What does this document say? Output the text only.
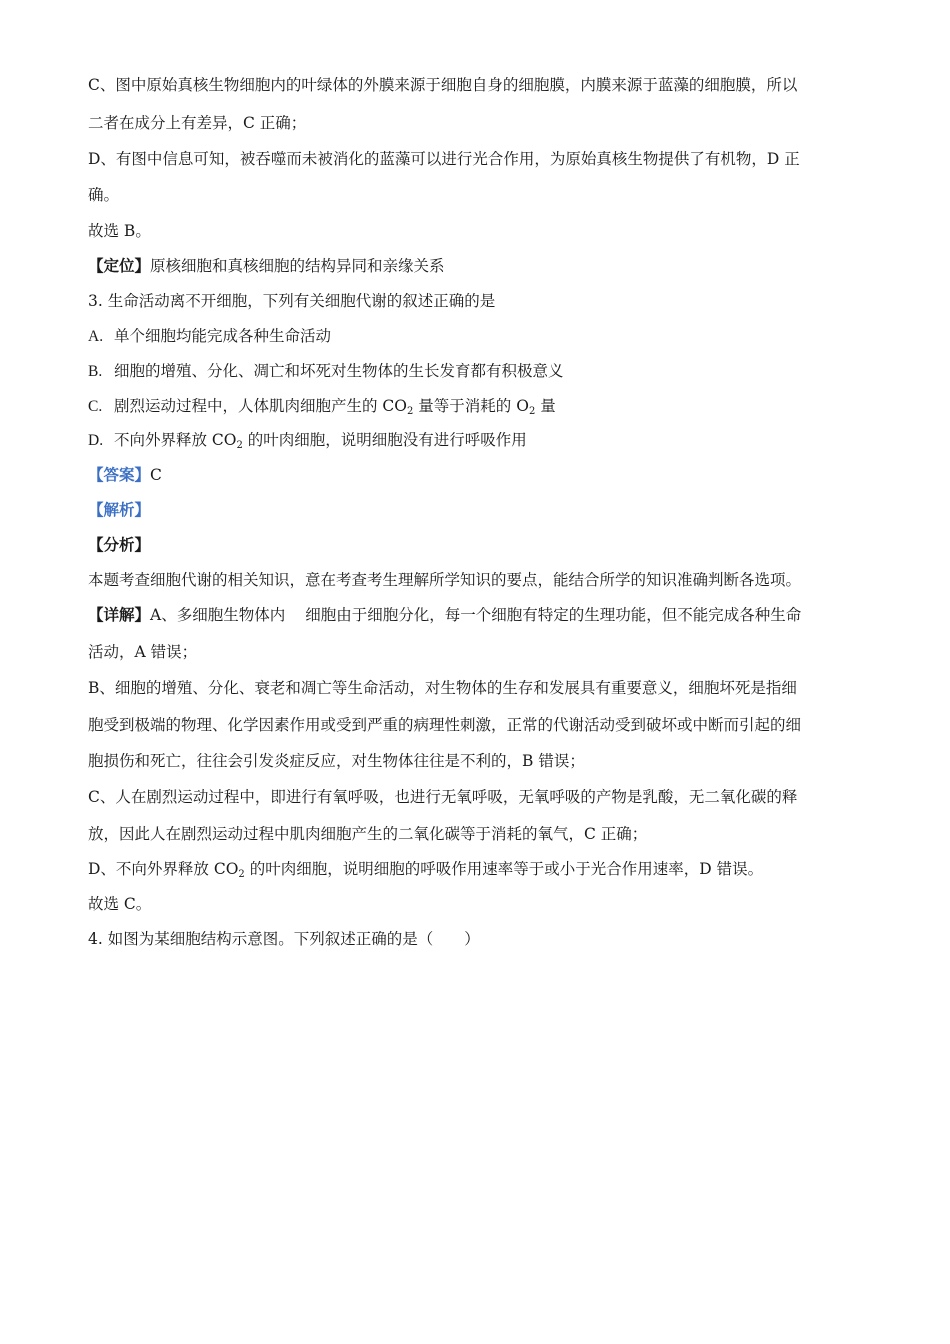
C、图中原始真核生物细胞内的叶绿体的外膜来源于细胞自身的细胞膜，内膜来源于蓝藻的细胞膜，所以
二者在成分上有差异，C 正确；
D、有图中信息可知，被吞噬而未被消化的蓝藻可以进行光合作用，为原始真核生物提供了有机物，D 正
确。
故选 B。
【定位】原核细胞和真核细胞的结构异同和亲缘关系
3. 生命活动离不开细胞，下列有关细胞代谢的叙述正确的是
A. 单个细胞均能完成各种生命活动
B. 细胞的增殖、分化、凋亡和坏死对生物体的生长发育都有积极意义
C. 剧烈运动过程中，人体肌肉细胞产生的 $CO_2$ 量等于消耗的 $O_2$ 量
D. 不向外界释放 $CO_2$ 的叶肉细胞，说明细胞没有进行呼吸作用
【答案】C
【解析】
【分析】
本题考查细胞代谢的相关知识，意在考查考生理解所学知识的要点，能结合所学的知识准确判断各选项。
【详解】A、多细胞生物体内 细胞由于细胞分化，每一个细胞有特定的生理功能，但不能完成各种生命
活动，A 错误；
B、细胞的增殖、分化、衰老和凋亡等生命活动，对生物体的生存和发展具有重要意义，细胞坏死是指细
胞受到极端的物理、化学因素作用或受到严重的病理性刺激，正常的代谢活动受到破坏或中断而引起的细
胞损伤和死亡，往往会引发炎症反应，对生物体往往是不利的，B 错误；
C、人在剧烈运动过程中，即进行有氧呼吸，也进行无氧呼吸，无氧呼吸的产物是乳酸，无二氧化碳的释
放，因此人在剧烈运动过程中肌肉细胞产生的二氧化碳等于消耗的氧气，C 正确；
D、不向外界释放 $CO_2$ 的叶肉细胞，说明细胞的呼吸作用速率等于或小于光合作用速率，D 错误。
故选 C。
4. 如图为某细胞结构示意图。下列叙述正确的是（　　）
